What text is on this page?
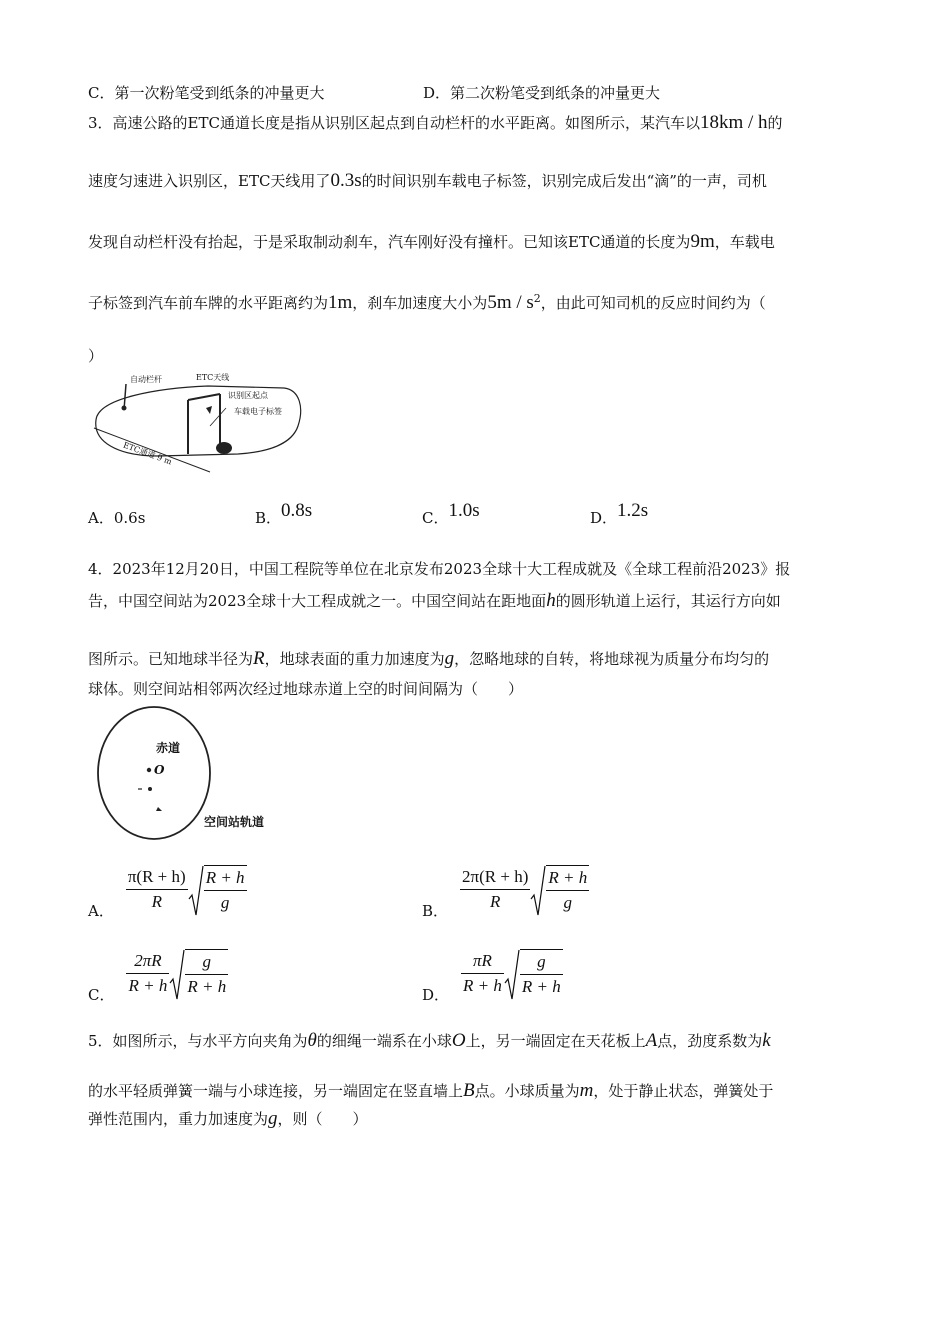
C．第一次粉笔受到纸条的冲量更大	D．第二次粉笔受到纸条的冲量更大
3．高速公路的ETC通道长度是指从识别区起点到自动栏杆的水平距离。如图所示，某汽车以18km / h的
速度匀速进入识别区，ETC天线用了0.3s的时间识别车载电子标签，识别完成后发出“滴”的一声，司机
发现自动栏杆没有抬起，于是采取制动刹车，汽车刚好没有撞杆。已知该ETC通道的长度为9m，车载电
子标签到汽车前车牌的水平距离约为1m，刹车加速度大小为$5m / s^2$，由此可知司机的反应时间约为（
）
自动栏杆	ETC天线
识别区起点
车载电子标签
ETC通道 9 m
A．0.6s	B．0.8s	C．1.0s	D．1.2s
4．2023年12月20日，中国工程院等单位在北京发布2023全球十大工程成就及《全球工程前沿2023》报
告，中国空间站为2023全球十大工程成就之一。中国空间站在距地面h的圆形轨道上运行，其运行方向如
图所示。已知地球半径为R，地球表面的重力加速度为g，忽略地球的自转，将地球视为质量分布均匀的
球体。则空间站相邻两次经过地球赤道上空的时间间隔为（　　）
赤道
O
空间站轨道
A． $\frac{\pi(R + h)}{R} \frac{R + h}{g}$	B． $\frac{2\pi(R + h)}{R} \frac{R + h}{g}$
C． $\frac{2\pi R}{R + h} \frac{g}{R + h}$	D． $\frac{\pi R}{R + h} \frac{g}{R + h}$
5．如图所示，与水平方向夹角为θ的细绳一端系在小球O上，另一端固定在天花板上A点，劲度系数为k
的水平轻质弹簧一端与小球连接，另一端固定在竖直墙上B点。小球质量为m，处于静止状态，弹簧处于
弹性范围内，重力加速度为g，则（　　）
